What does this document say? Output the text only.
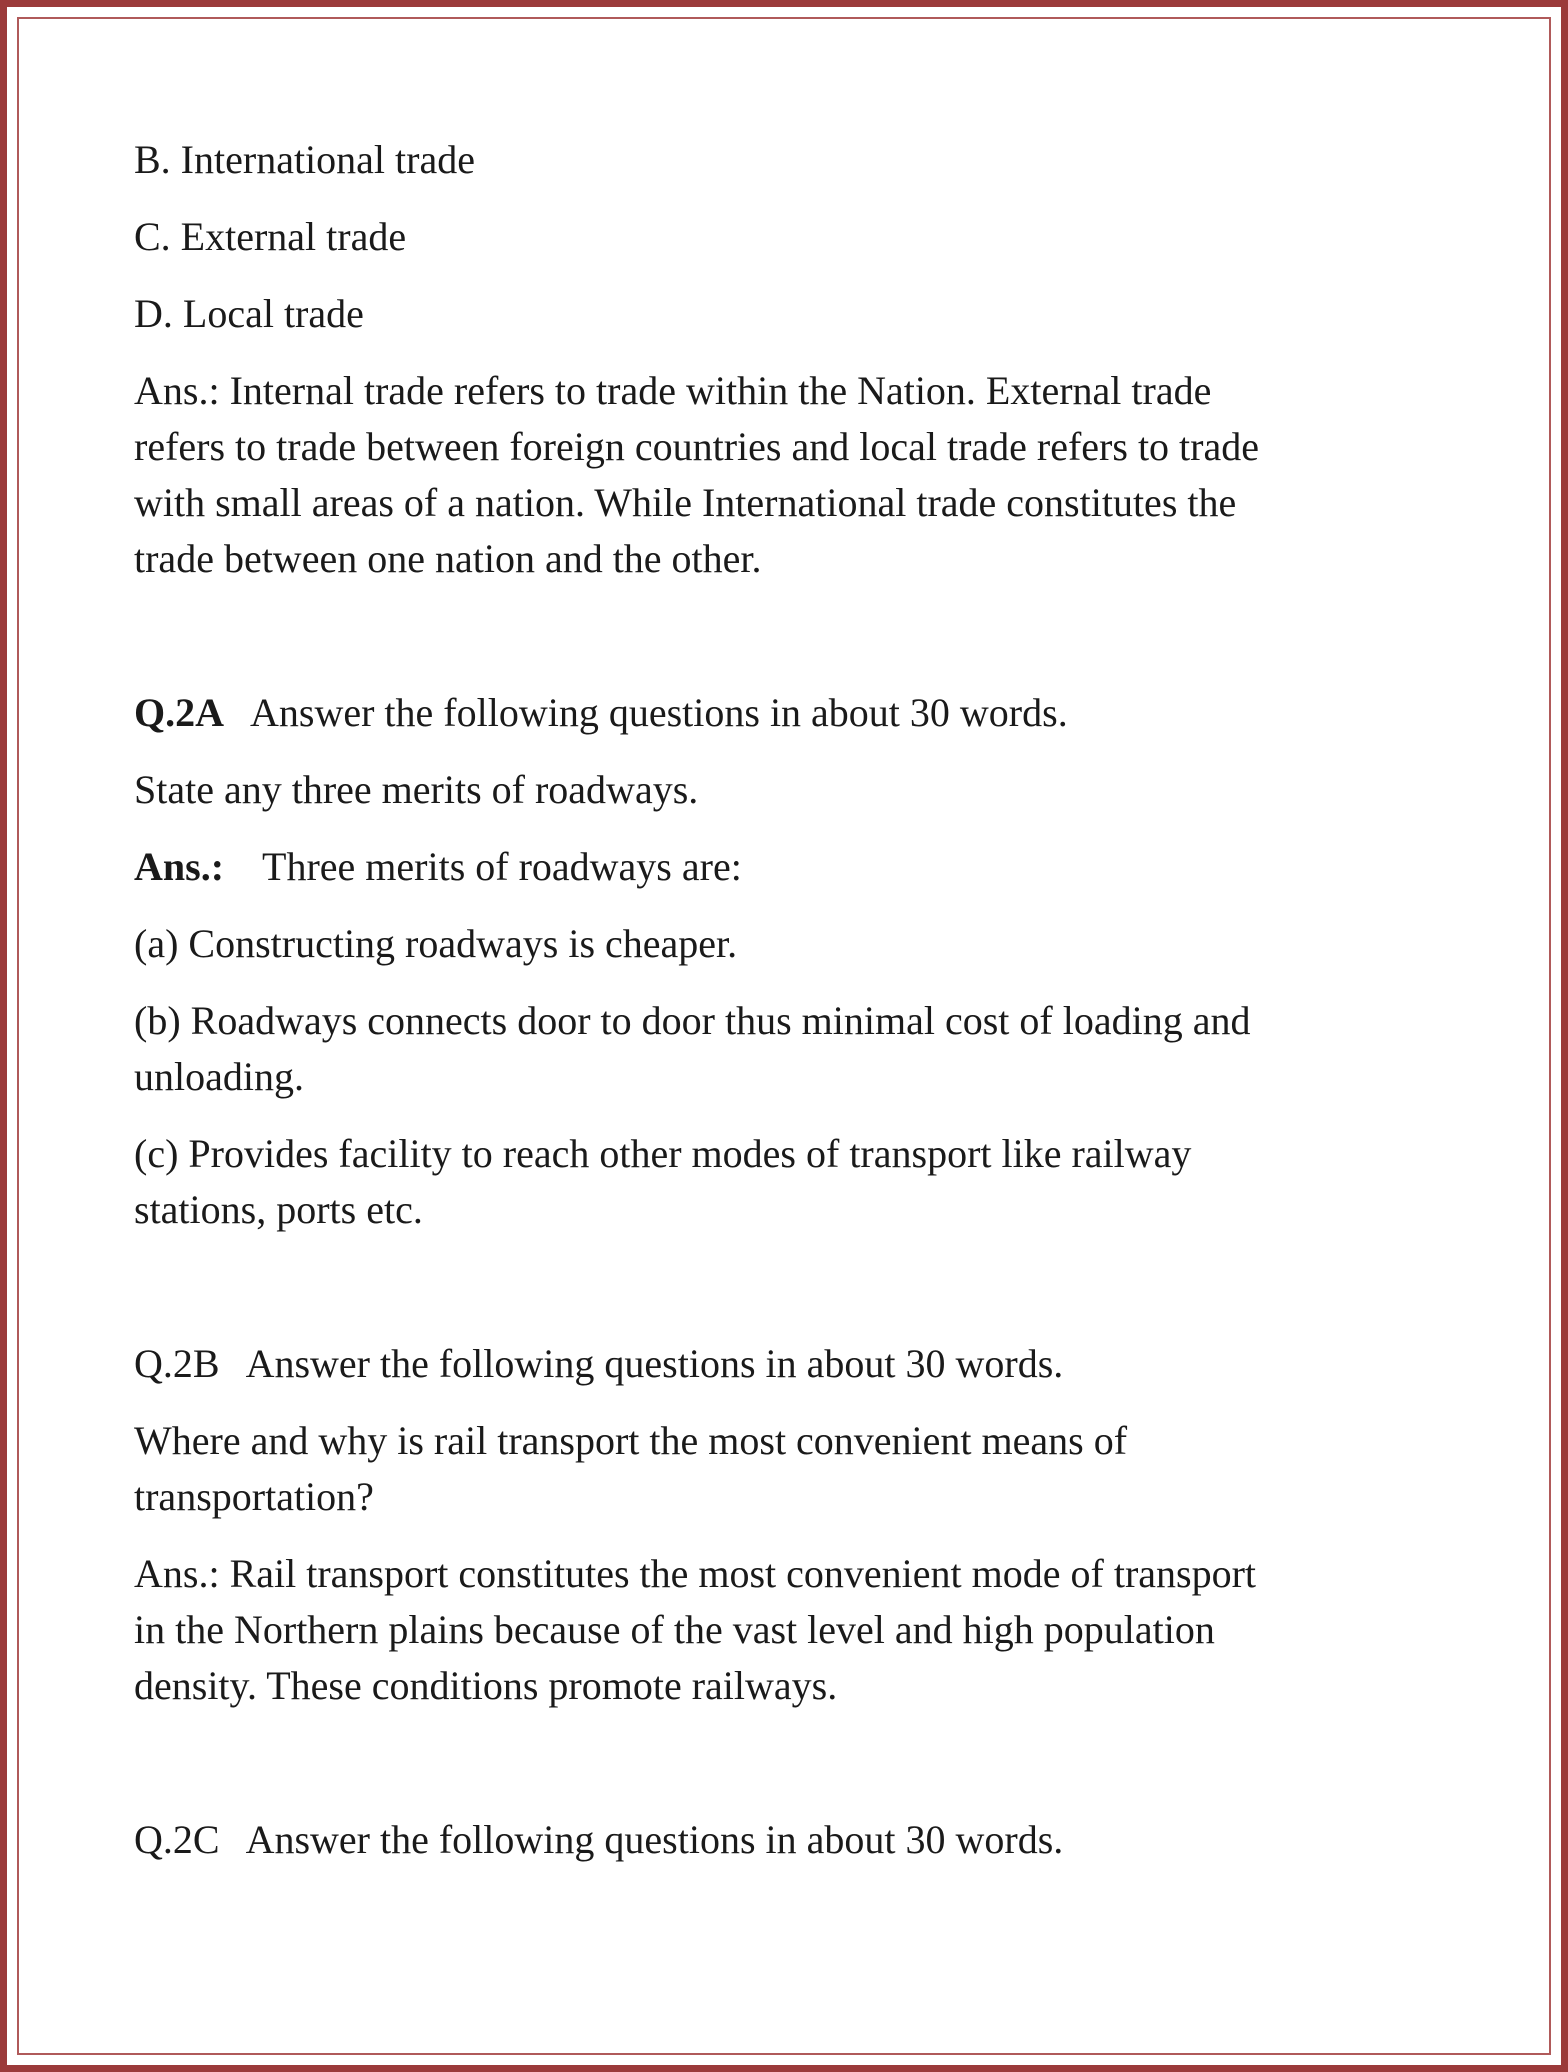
B. International trade

C. External trade

D. Local trade

Ans.: Internal trade refers to trade within the Nation. External trade
refers to trade between foreign countries and local trade refers to trade
with small areas of a nation. While International trade constitutes the
trade between one nation and the other.

Q.2A Answer the following questions in about 30 words.

State any three merits of roadways.

Ans.: Three merits of roadways are:

(a) Constructing roadways is cheaper.

(b) Roadways connects door to door thus minimal cost of loading and
unloading.
(c) Provides facility to reach other modes of transport like railway
stations, ports etc.

Q.2B Answer the following questions in about 30 words.

Where and why is rail transport the most convenient means of
transportation?
Ans.: Rail transport constitutes the most convenient mode of transport
in the Northern plains because of the vast level and high population
density. These conditions promote railways.

Q.2C Answer the following questions in about 30 words.
